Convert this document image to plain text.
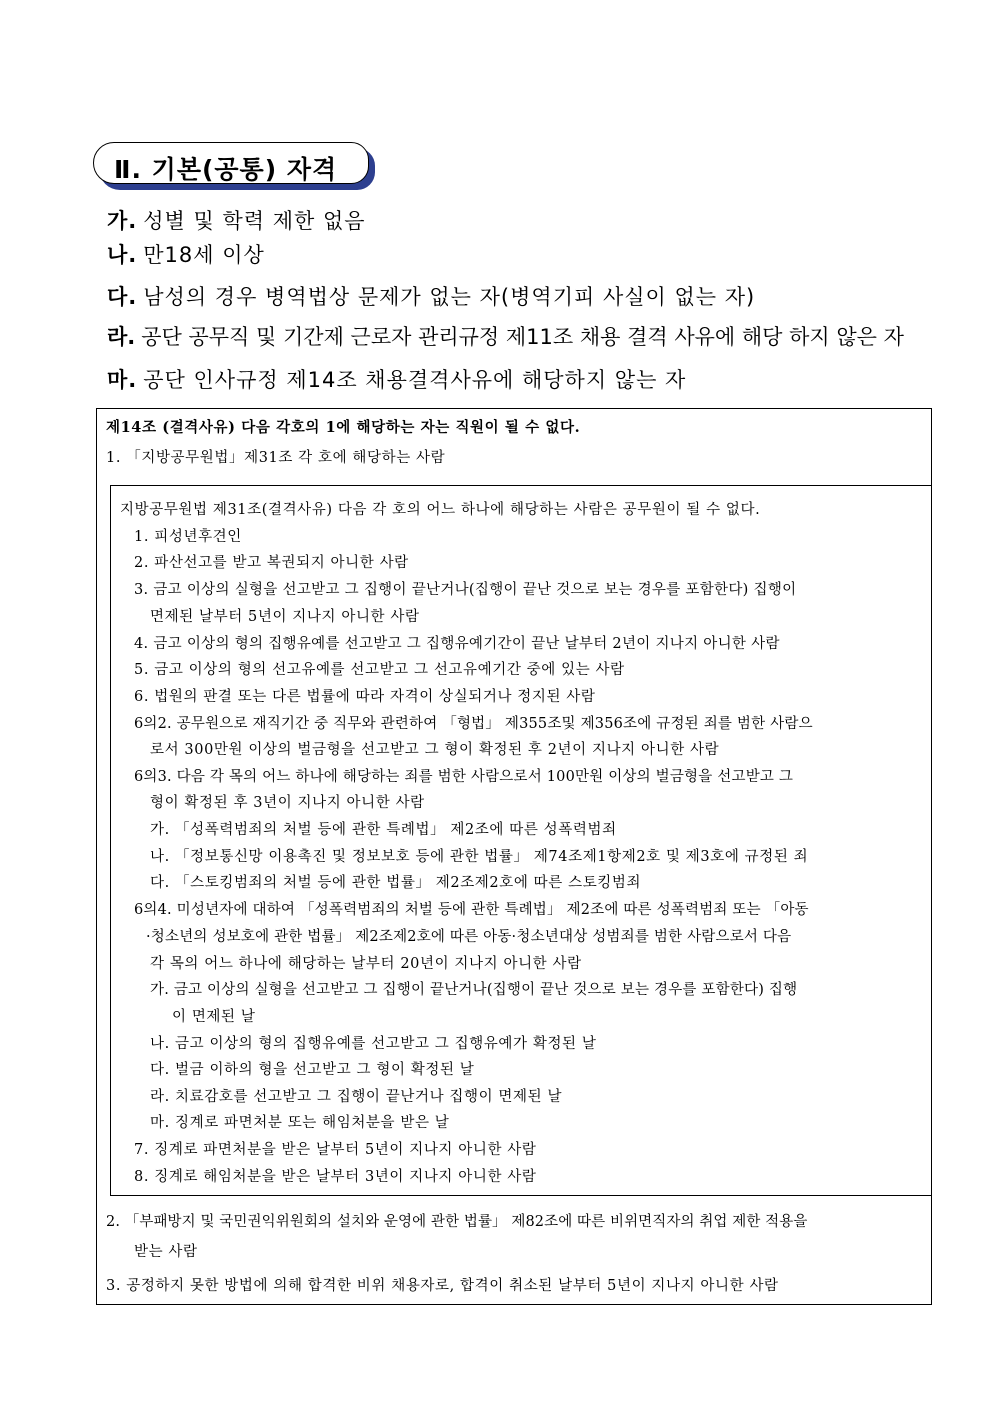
Ⅱ. 기본(공통) 자격
가. 성별 및 학력 제한 없음
나. 만18세 이상
다. 남성의 경우 병역법상 문제가 없는 자(병역기피 사실이 없는 자)
라. 공단 공무직 및 기간제 근로자 관리규정 제11조 채용 결격 사유에 해당 하지 않은 자
마. 공단 인사규정 제14조 채용결격사유에 해당하지 않는 자
제14조 (결격사유) 다음 각호의 1에 해당하는 자는 직원이 될 수 없다.
1. 「지방공무원법」제31조 각 호에 해당하는 사람
지방공무원법 제31조(결격사유) 다음 각 호의 어느 하나에 해당하는 사람은 공무원이 될 수 없다.
1. 피성년후견인
2. 파산선고를 받고 복권되지 아니한 사람
3. 금고 이상의 실형을 선고받고 그 집행이 끝난거나(집행이 끝난 것으로 보는 경우를 포함한다) 집행이
면제된 날부터 5년이 지나지 아니한 사람
4. 금고 이상의 형의 집행유예를 선고받고 그 집행유예기간이 끝난 날부터 2년이 지나지 아니한 사람
5. 금고 이상의 형의 선고유예를 선고받고 그 선고유예기간 중에 있는 사람
6. 법원의 판결 또는 다른 법률에 따라 자격이 상실되거나 정지된 사람
6의2. 공무원으로 재직기간 중 직무와 관련하여 「형법」 제355조및 제356조에 규정된 죄를 범한 사람으
로서 300만원 이상의 벌금형을 선고받고 그 형이 확정된 후 2년이 지나지 아니한 사람
6의3. 다음 각 목의 어느 하나에 해당하는 죄를 범한 사람으로서 100만원 이상의 벌금형을 선고받고 그
형이 확정된 후 3년이 지나지 아니한 사람
가. 「성폭력범죄의 처벌 등에 관한 특례법」 제2조에 따른 성폭력범죄
나. 「정보통신망 이용촉진 및 정보보호 등에 관한 법률」 제74조제1항제2호 및 제3호에 규정된 죄
다. 「스토킹범죄의 처벌 등에 관한 법률」 제2조제2호에 따른 스토킹범죄
6의4. 미성년자에 대하여 「성폭력범죄의 처벌 등에 관한 특례법」 제2조에 따른 성폭력범죄 또는 「아동
·청소년의 성보호에 관한 법률」 제2조제2호에 따른 아동·청소년대상 성범죄를 범한 사람으로서 다음
각 목의 어느 하나에 해당하는 날부터 20년이 지나지 아니한 사람
가. 금고 이상의 실형을 선고받고 그 집행이 끝난거나(집행이 끝난 것으로 보는 경우를 포함한다) 집행
이 면제된 날
나. 금고 이상의 형의 집행유예를 선고받고 그 집행유예가 확정된 날
다. 벌금 이하의 형을 선고받고 그 형이 확정된 날
라. 치료감호를 선고받고 그 집행이 끝난거나 집행이 면제된 날
마. 징계로 파면처분 또는 해임처분을 받은 날
7. 징계로 파면처분을 받은 날부터 5년이 지나지 아니한 사람
8. 징계로 해임처분을 받은 날부터 3년이 지나지 아니한 사람
2. 「부패방지 및 국민권익위원회의 설치와 운영에 관한 법률」 제82조에 따른 비위면직자의 취업 제한 적용을
받는 사람
3. 공정하지 못한 방법에 의해 합격한 비위 채용자로, 합격이 취소된 날부터 5년이 지나지 아니한 사람
